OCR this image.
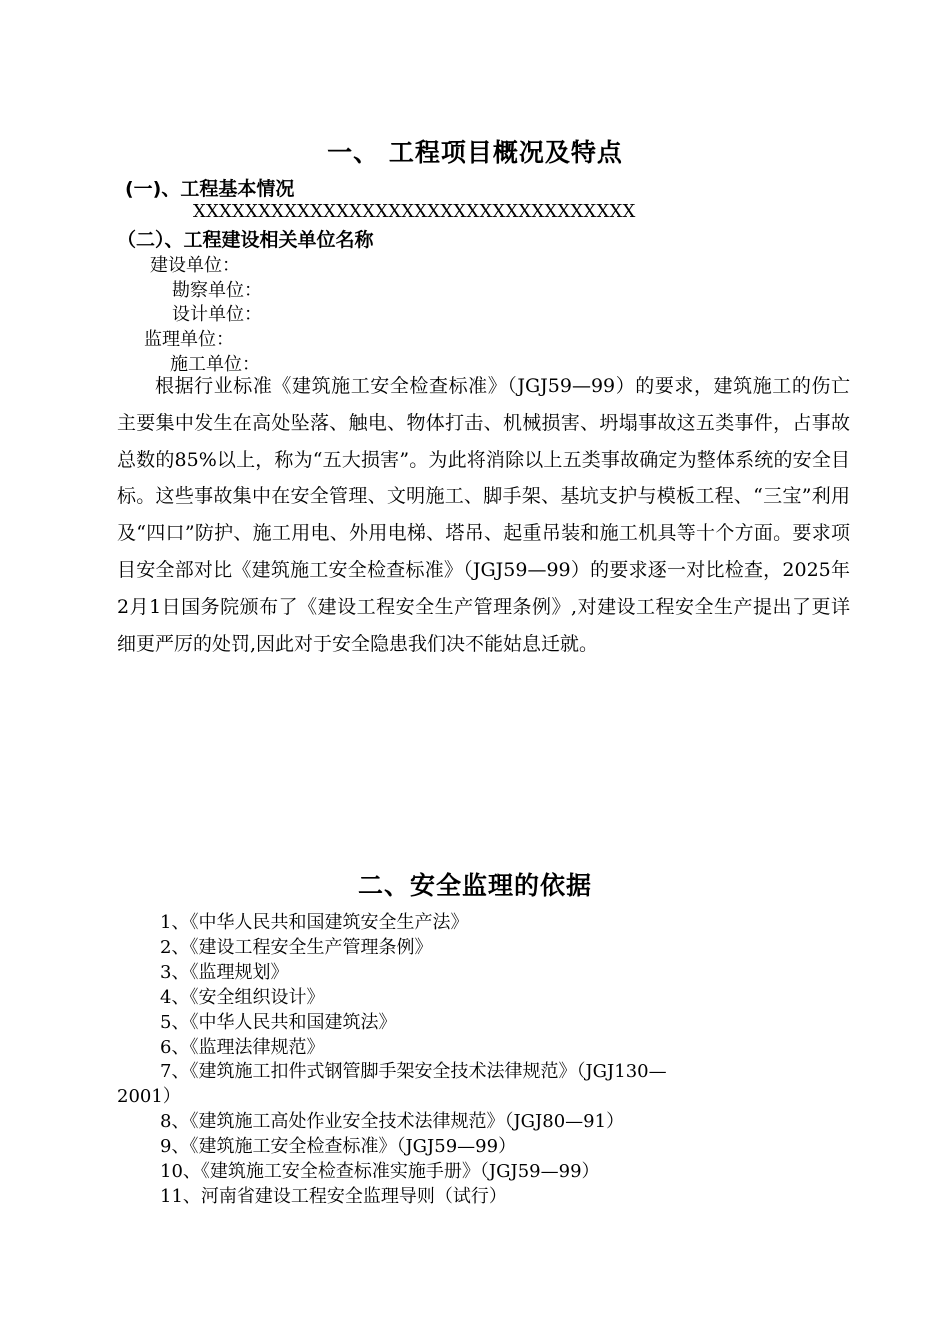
一、 工程项目概况及特点
(一)、工程基本情况
XXXXXXXXXXXXXXXXXXXXXXXXXXXXXXXXXX
（二）、工程建设相关单位名称
建设单位：
勘察单位：
设计单位：
监理单位：
施工单位：

根据行业标准《建筑施工安全检查标准》（JGJ59—99）的要求，建筑施工的伤亡主要集中发生在高处坠落、触电、物体打击、机械损害、坍塌事故这五类事件，占事故总数的85%以上，称为“五大损害”。为此将消除以上五类事故确定为整体系统的安全目标。这些事故集中在安全管理、文明施工、脚手架、基坑支护与模板工程、“三宝”利用及“四口”防护、施工用电、外用电梯、塔吊、起重吊装和施工机具等十个方面。要求项目安全部对比《建筑施工安全检查标准》（JGJ59—99）的要求逐一对比检查，2025年2月1日国务院颁布了《建设工程安全生产管理条例》,对建设工程安全生产提出了更详细更严厉的处罚,因此对于安全隐患我们决不能姑息迁就。

二、安全监理的依据
1、《中华人民共和国建筑安全生产法》
2、《建设工程安全生产管理条例》
3、《监理规划》
4、《安全组织设计》
5、《中华人民共和国建筑法》
6、《监理法律规范》
7、《建筑施工扣件式钢管脚手架安全技术法律规范》（JGJ130—
2001）
8、《建筑施工高处作业安全技术法律规范》（JGJ80—91）
9、《建筑施工安全检查标准》（JGJ59—99）
10、《建筑施工安全检查标准实施手册》（JGJ59—99）
11、河南省建设工程安全监理导则（试行）
